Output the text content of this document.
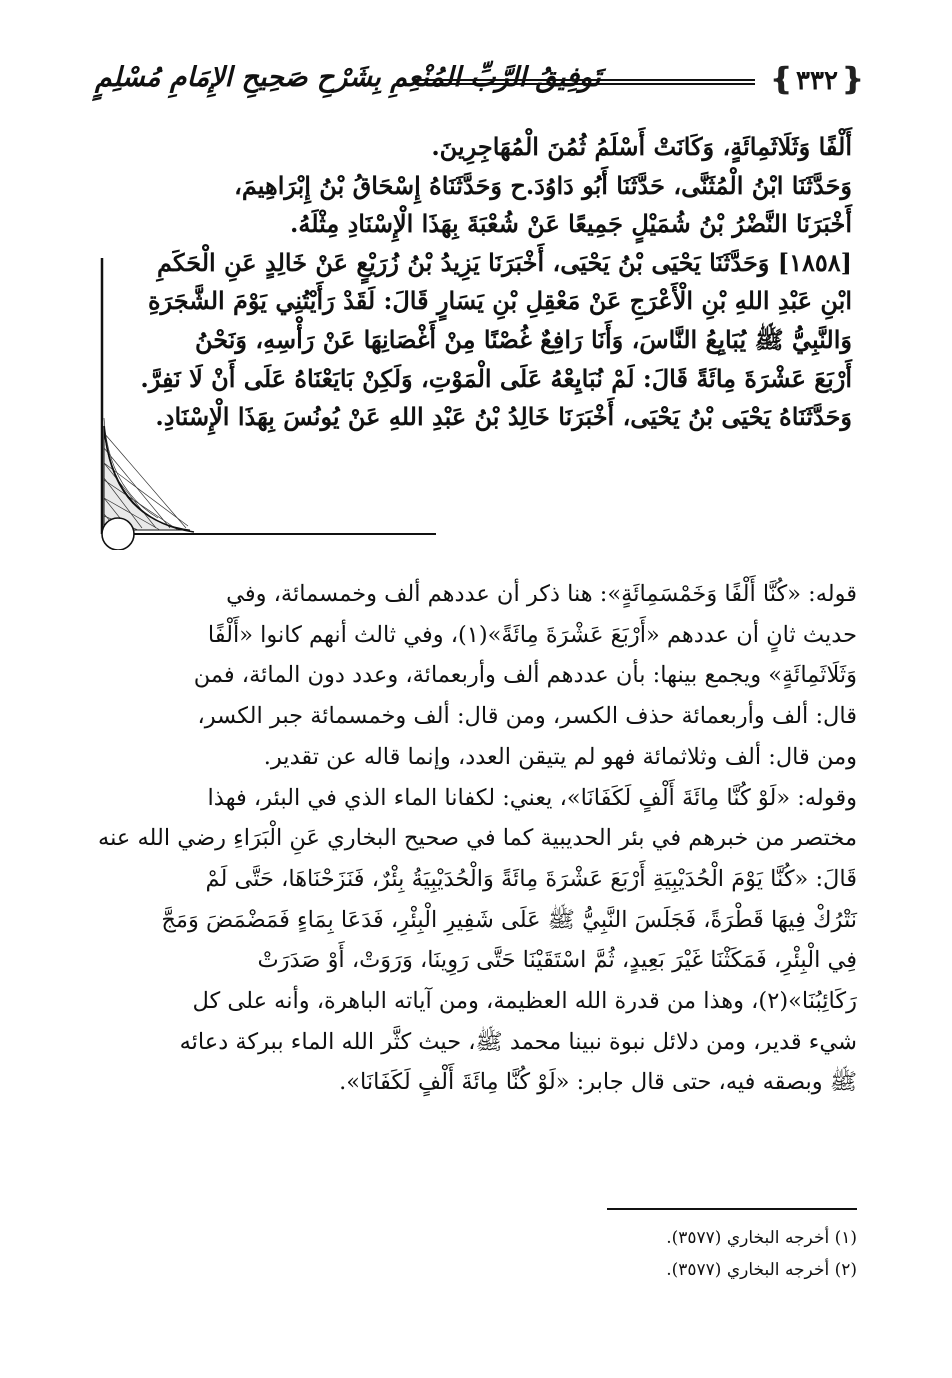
❴
٣٣٢
❵
تَوفِيقُ الرَّبِّ المُنْعِمِ بِشَرْحِ صَحِيحِ الإِمَامِ مُسْلِمٍ
أَلْفًا وَثَلَاثَمِائَةٍ، وَكَانَتْ أَسْلَمُ ثُمُنَ الْمُهَاجِرِينَ.
وَحَدَّثَنَا ابْنُ الْمُثَنَّى، حَدَّثَنَا أَبُو دَاوُدَ.ح وَحَدَّثَنَاهُ إِسْحَاقُ بْنُ إِبْرَاهِيمَ،
أَخْبَرَنَا النَّضْرُ بْنُ شُمَيْلٍ جَمِيعًا عَنْ شُعْبَةَ بِهَذَا الْإِسْنَادِ مِثْلَهُ.
[١٨٥٨] وَحَدَّثَنَا يَحْيَى بْنُ يَحْيَى، أَخْبَرَنَا يَزِيدُ بْنُ زُرَيْعٍ عَنْ خَالِدٍ عَنِ الْحَكَمِ
ابْنِ عَبْدِ اللهِ بْنِ الْأَعْرَجِ عَنْ مَعْقِلِ بْنِ يَسَارٍ قَالَ: لَقَدْ رَأَيْتُنِي يَوْمَ الشَّجَرَةِ
وَالنَّبِيُّ ﷺ يُبَايِعُ النَّاسَ، وَأَنَا رَافِعٌ غُصْنًا مِنْ أَغْصَانِهَا عَنْ رَأْسِهِ، وَنَحْنُ
أَرْبَعَ عَشْرَةَ مِائَةً قَالَ: لَمْ نُبَايِعْهُ عَلَى الْمَوْتِ، وَلَكِنْ بَايَعْنَاهُ عَلَى أَنْ لَا نَفِرَّ.
وَحَدَّثَنَاهُ يَحْيَى بْنُ يَحْيَى، أَخْبَرَنَا خَالِدُ بْنُ عَبْدِ اللهِ عَنْ يُونُسَ بِهَذَا الْإِسْنَادِ.
قوله: «كُنَّا أَلْفًا وَخَمْسَمِائَةٍ»: هنا ذكر أن عددهم ألف وخمسمائة، وفي
حديث ثانٍ أن عددهم «أَرْبَعَ عَشْرَةَ مِائَةً»(١)، وفي ثالث أنهم كانوا «أَلْفًا
وَثَلَاثَمِائَةٍ» ويجمع بينها: بأن عددهم ألف وأربعمائة، وعدد دون المائة، فمن
قال: ألف وأربعمائة حذف الكسر، ومن قال: ألف وخمسمائة جبر الكسر،
ومن قال: ألف وثلاثمائة فهو لم يتيقن العدد، وإنما قاله عن تقدير.
وقوله: «لَوْ كُنَّا مِائَةَ أَلْفٍ لَكَفَانَا»، يعني: لكفانا الماء الذي في البئر، فهذا
مختصر من خبرهم في بئر الحديبية كما في صحيح البخاري عَنِ الْبَرَاءِ رضي الله عنه
قَالَ: «كُنَّا يَوْمَ الْحُدَيْبِيَةِ أَرْبَعَ عَشْرَةَ مِائَةً وَالْحُدَيْبِيَةُ بِئْرٌ، فَنَزَحْنَاهَا، حَتَّى لَمْ
نَتْرُكْ فِيهَا قَطْرَةً، فَجَلَسَ النَّبِيُّ ﷺ عَلَى شَفِيرِ الْبِئْرِ، فَدَعَا بِمَاءٍ فَمَضْمَضَ وَمَجَّ
فِي الْبِئْرِ، فَمَكَثْنَا غَيْرَ بَعِيدٍ، ثُمَّ اسْتَقَيْنَا حَتَّى رَوِينَا، وَرَوَتْ، أَوْ صَدَرَتْ
رَكَائِبُنَا»(٢)، وهذا من قدرة الله العظيمة، ومن آياته الباهرة، وأنه على كل
شيء قدير، ومن دلائل نبوة نبينا محمد ﷺ، حيث كثَّر الله الماء ببركة دعائه
ﷺ وبصقه فيه، حتى قال جابر: «لَوْ كُنَّا مِائَةَ أَلْفٍ لَكَفَانَا».
(١) أخرجه البخاري (٣٥٧٧).
(٢) أخرجه البخاري (٣٥٧٧).
